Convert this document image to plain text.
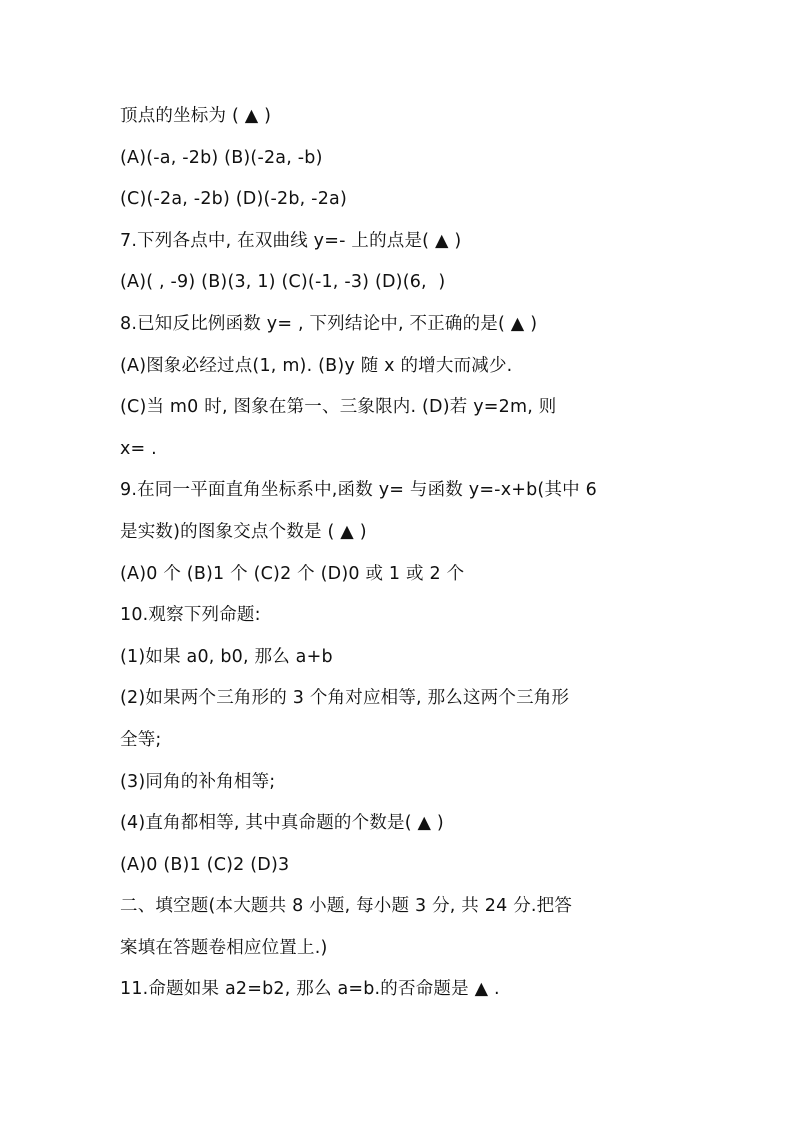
顶点的坐标为 ( ▲ )
(A)(-a, -2b) (B)(-2a, -b)
(C)(-2a, -2b) (D)(-2b, -2a)
7.下列各点中, 在双曲线 y=- 上的点是( ▲ )
(A)( , -9) (B)(3, 1) (C)(-1, -3) (D)(6,  )
8.已知反比例函数 y= , 下列结论中, 不正确的是( ▲ )
(A)图象必经过点(1, m). (B)y 随 x 的增大而减少.
(C)当 m0 时, 图象在第一、三象限内. (D)若 y=2m, 则
x= .
9.在同一平面直角坐标系中,函数 y= 与函数 y=-x+b(其中 6
是实数)的图象交点个数是 ( ▲ )
(A)0 个 (B)1 个 (C)2 个 (D)0 或 1 或 2 个
10.观察下列命题:
(1)如果 a0, b0, 那么 a+b
(2)如果两个三角形的 3 个角对应相等, 那么这两个三角形
全等;
(3)同角的补角相等;
(4)直角都相等, 其中真命题的个数是( ▲ )
(A)0 (B)1 (C)2 (D)3
二、填空题(本大题共 8 小题, 每小题 3 分, 共 24 分.把答
案填在答题卷相应位置上.)
11.命题如果 a2=b2, 那么 a=b.的否命题是 ▲ .
